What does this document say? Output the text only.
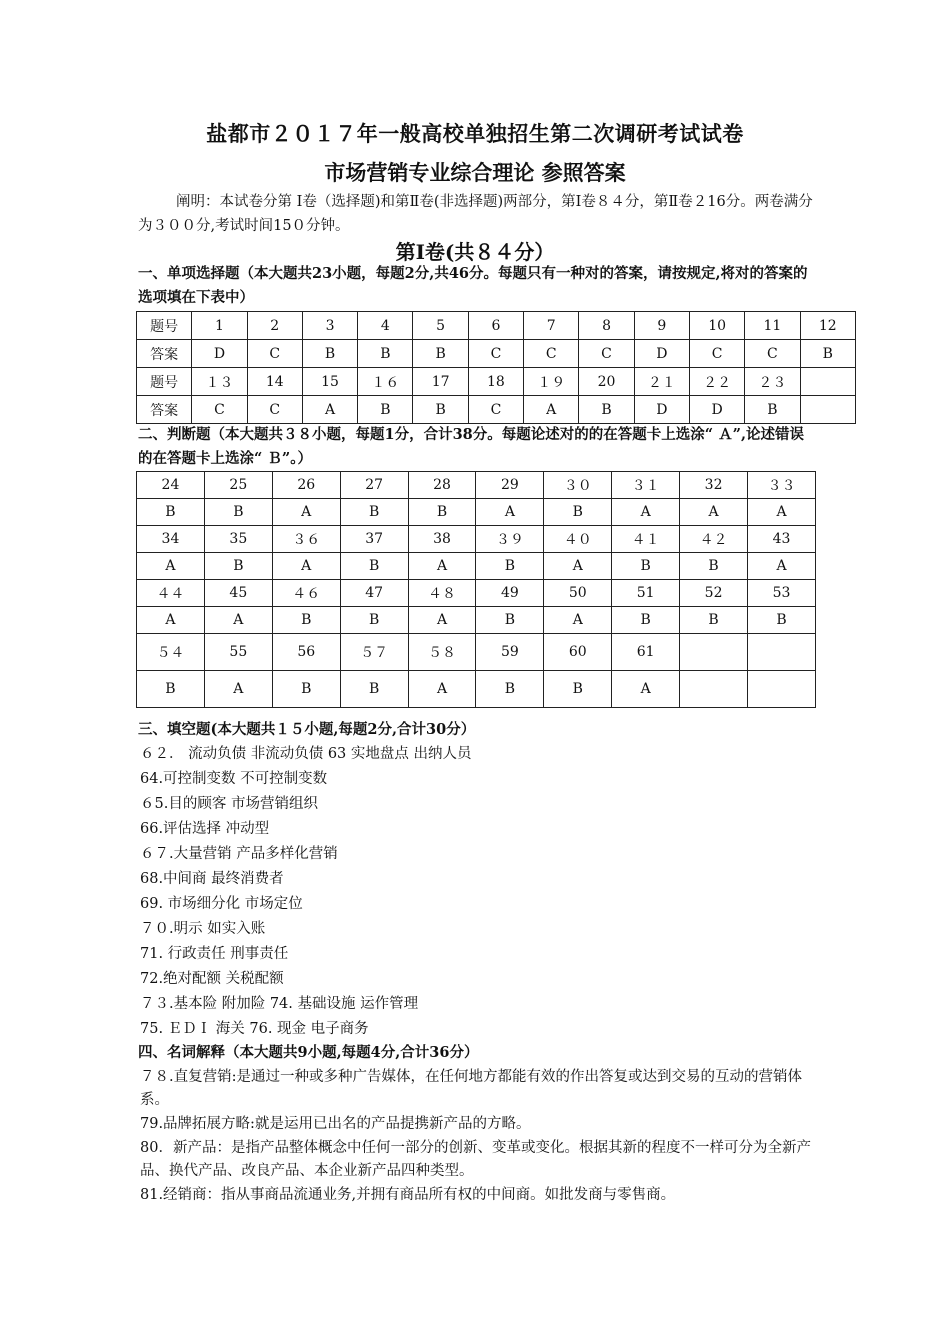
盐都市２０１７年一般高校单独招生第二次调研考试试卷
市场营销专业综合理论 参照答案
阐明：本试卷分第 Ⅰ卷（选择题)和第Ⅱ卷(非选择题)两部分，第Ⅰ卷８４分，第Ⅱ卷２16分。两卷满分为３００分,考试时间15０分钟。
第Ⅰ卷(共８４分）
一、单项选择题（本大题共23小题，每题2分,共46分。每题只有一种对的答案，请按规定,将对的答案的选项填在下表中）
题号	1	2	3	4	5	6	7	8	9	10	11	12
答案	D	C	B	B	B	C	C	C	D	C	C	B
题号	１３	14	15	１６	17	18	１９	20	２１	２２	２３	
答案	C	C	A	B	B	C	A	B	D	D	B	
二、判断题（本大题共３８小题，每题1分，合计38分。每题论述对的的在答题卡上选涂“ Ａ”,论述错误的在答题卡上选涂“ Ｂ”。）
24	25	26	27	28	29	３０	３１	32	３３
B	B	A	B	B	A	B	A	A	A
34	35	３６	37	38	３９	４０	４１	４２	43
A	B	A	B	A	B	A	B	B	A
４４	45	４６	47	４８	49	50	51	52	53
A	A	B	B	A	B	A	B	B	B
５４	55	56	５７	５８	59	60	61		
B	A	B	B	A	B	B	A		
三、填空题(本大题共１５小题,每题2分,合计30分）
６２． 流动负债 非流动负债 63 实地盘点 出纳人员
64.可控制变数 不可控制变数
６5.目的顾客 市场营销组织
66.评估选择 冲动型
６７.大量营销 产品多样化营销
68.中间商 最终消费者
69. 市场细分化 市场定位
７０.明示 如实入账
71. 行政责任 刑事责任
72.绝对配额 关税配额
７３.基本险 附加险 74. 基础设施 运作管理
75. ＥＤＩ 海关 76. 现金 电子商务
四、名词解释（本大题共9小题,每题4分,合计36分）

７８.直复营销:是通过一种或多种广告媒体，在任何地方都能有效的作出答复或达到交易的互动的营销体系。

79.品牌拓展方略:就是运用已出名的产品提携新产品的方略。

80．新产品：是指产品整体概念中任何一部分的创新、变革或变化。根据其新的程度不一样可分为全新产品、换代产品、改良产品、本企业新产品四种类型。

81.经销商：指从事商品流通业务,并拥有商品所有权的中间商。如批发商与零售商。
